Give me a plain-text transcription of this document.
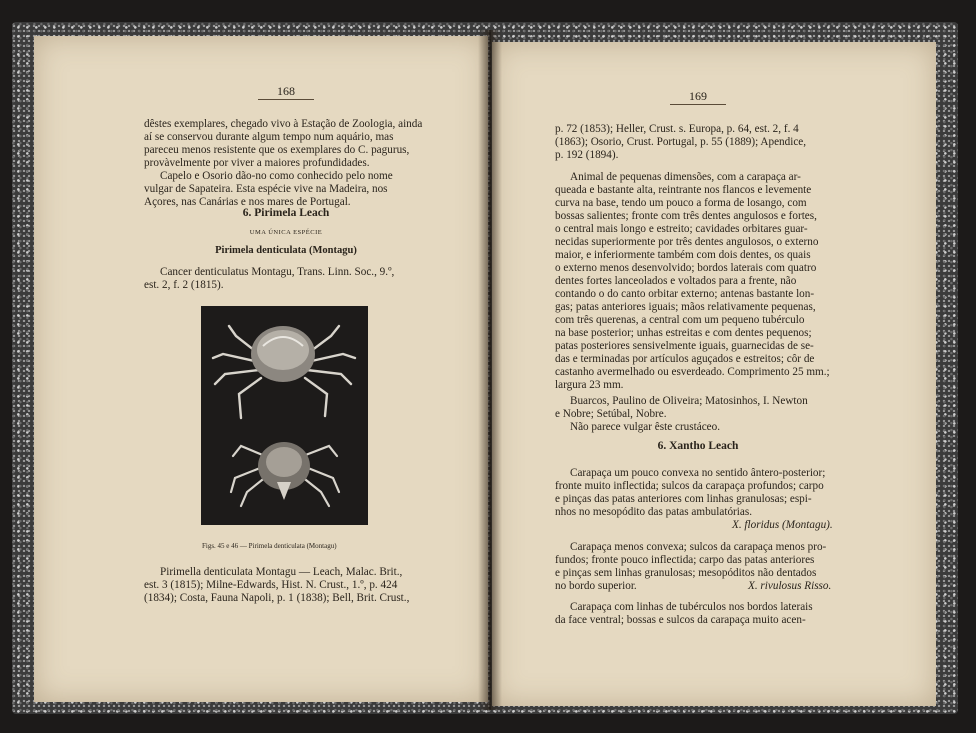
168
dêstes exemplares, chegado vivo à Estação de Zoologia, ainda
aí se conservou durante algum tempo num aquário, mas
pareceu menos resistente que os exemplares do C. pagurus,
provàvelmente por viver a maiores profundidades.
Capelo e Osorio dão-no como conhecido pelo nome
vulgar de Sapateira. Esta espécie vive na Madeira, nos
Açores, nas Canárias e nos mares de Portugal.
6. Pirimela Leach
UMA ÚNICA ESPÉCIE
Pirimela denticulata (Montagu)
Cancer denticulatus Montagu, Trans. Linn. Soc., 9.º,
est. 2, f. 2 (1815).
Figs. 45 e 46 — Pirimela denticulata (Montagu)
Pirimella denticulata Montagu — Leach, Malac. Brit.,
est. 3 (1815); Milne-Edwards, Hist. N. Crust., 1.º, p. 424
(1834); Costa, Fauna Napoli, p. 1 (1838); Bell, Brit. Crust.,
169
p. 72 (1853); Heller, Crust. s. Europa, p. 64, est. 2, f. 4
(1863); Osorio, Crust. Portugal, p. 55 (1889); Apendice,
p. 192 (1894).
Animal de pequenas dimensões, com a carapaça ar-
queada e bastante alta, reintrante nos flancos e levemente
curva na base, tendo um pouco a forma de losango, com
bossas salientes; fronte com três dentes angulosos e fortes,
o central mais longo e estreito; cavidades orbitares guar-
necidas superiormente por três dentes angulosos, o externo
maior, e inferiormente também com dois dentes, os quais
o externo menos desenvolvido; bordos laterais com quatro
dentes fortes lanceolados e voltados para a frente, não
contando o do canto orbitar externo; antenas bastante lon-
gas; patas anteriores iguais; mãos relativamente pequenas,
com três querenas, a central com um pequeno tubérculo
na base posterior; unhas estreitas e com dentes pequenos;
patas posteriores sensivelmente iguais, guarnecidas de se-
das e terminadas por artículos aguçados e estreitos; côr de
castanho avermelhado ou esverdeado. Comprimento 25 mm.;
largura 23 mm.
Buarcos, Paulino de Oliveira; Matosinhos, I. Newton
e Nobre; Setúbal, Nobre.
Não parece vulgar êste crustáceo.
6. Xantho Leach
Carapaça um pouco convexa no sentido ântero-posterior;
fronte muito inflectida; sulcos da carapaça profundos; carpo
e pinças das patas anteriores com linhas granulosas; espi-
nhos no mesopódito das patas ambulatórias.
X. floridus (Montagu).
Carapaça menos convexa; sulcos da carapaça menos pro-
fundos; fronte pouco inflectida; carpo das patas anteriores
e pinças sem linhas granulosas; mesopóditos não dentados
no bordo superior.	X. rivulosus Risso.
Carapaça com linhas de tubérculos nos bordos laterais
da face ventral; bossas e sulcos da carapaça muito acen-
